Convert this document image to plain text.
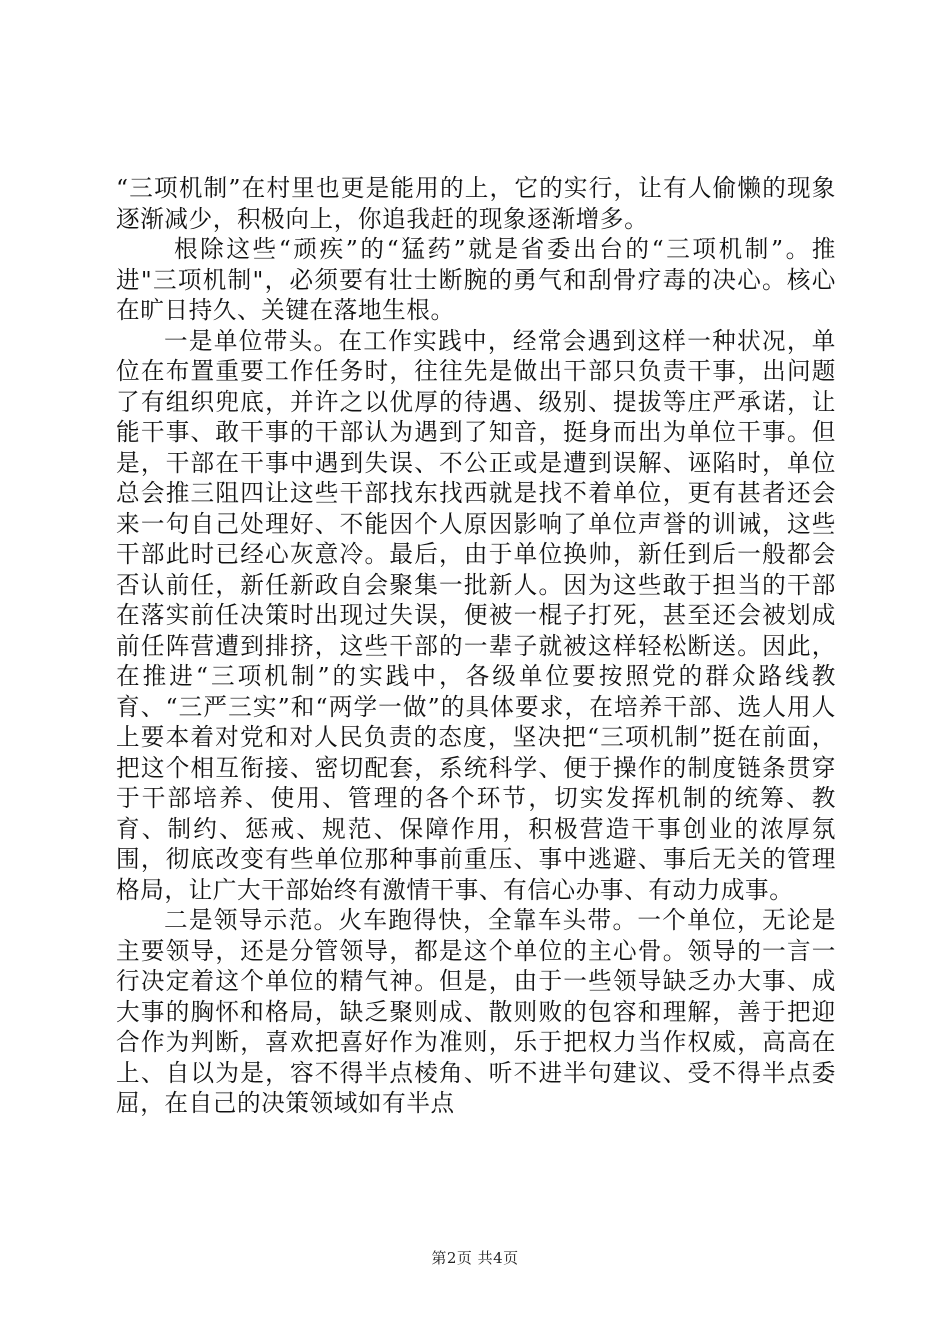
“三项机制”在村里也更是能用的上，它的实行，让有人偷懒的现象逐渐减少，积极向上，你追我赶的现象逐渐增多。

根除这些“顽疾”的“猛药”就是省委出台的“三项机制”。推进"三项机制"，必须要有壮士断腕的勇气和刮骨疗毒的决心。核心在旷日持久、关键在落地生根。

一是单位带头。在工作实践中，经常会遇到这样一种状况，单位在布置重要工作任务时，往往先是做出干部只负责干事，出问题了有组织兜底，并许之以优厚的待遇、级别、提拔等庄严承诺，让能干事、敢干事的干部认为遇到了知音，挺身而出为单位干事。但是，干部在干事中遇到失误、不公正或是遭到误解、诬陷时，单位总会推三阻四让这些干部找东找西就是找不着单位，更有甚者还会来一句自己处理好、不能因个人原因影响了单位声誉的训诫，这些干部此时已经心灰意冷。最后，由于单位换帅，新任到后一般都会否认前任，新任新政自会聚集一批新人。因为这些敢于担当的干部在落实前任决策时出现过失误，便被一棍子打死，甚至还会被划成前任阵营遭到排挤，这些干部的一辈子就被这样轻松断送。因此，在推进“三项机制”的实践中，各级单位要按照党的群众路线教育、“三严三实”和“两学一做”的具体要求，在培养干部、选人用人上要本着对党和对人民负责的态度，坚决把“三项机制”挺在前面，把这个相互衔接、密切配套，系统科学、便于操作的制度链条贯穿于干部培养、使用、管理的各个环节，切实发挥机制的统筹、教育、制约、惩戒、规范、保障作用，积极营造干事创业的浓厚氛围，彻底改变有些单位那种事前重压、事中逃避、事后无关的管理格局，让广大干部始终有激情干事、有信心办事、有动力成事。

二是领导示范。火车跑得快，全靠车头带。一个单位，无论是主要领导，还是分管领导，都是这个单位的主心骨。领导的一言一行决定着这个单位的精气神。但是，由于一些领导缺乏办大事、成大事的胸怀和格局，缺乏聚则成、散则败的包容和理解，善于把迎合作为判断，喜欢把喜好作为准则，乐于把权力当作权威，高高在上、自以为是，容不得半点棱角、听不进半句建议、受不得半点委屈，在自己的决策领域如有半点

第2页 共4页
